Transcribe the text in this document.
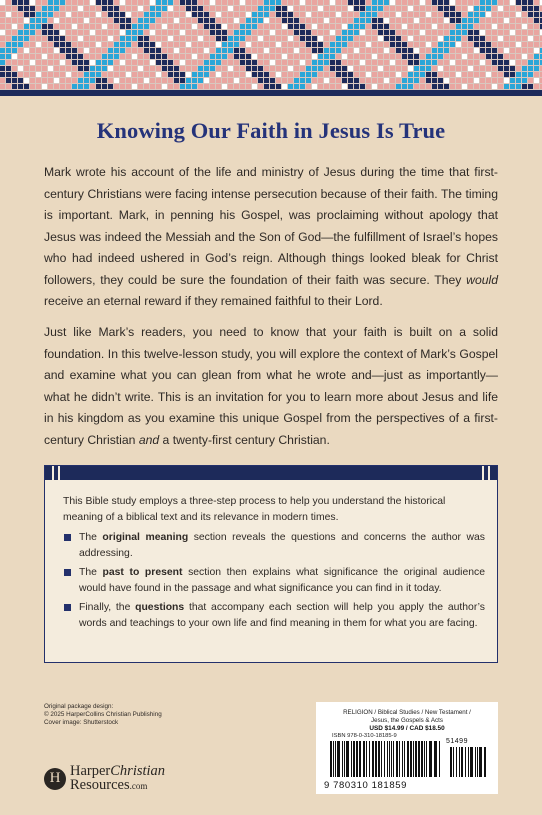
Knowing Our Faith in Jesus Is True

Mark wrote his account of the life and ministry of Jesus during the time that first-century Christians were facing intense persecution because of their faith. The timing is important. Mark, in penning his Gospel, was proclaiming without apology that Jesus was indeed the Messiah and the Son of God—the fulfillment of Israel’s hopes who had indeed ushered in God’s reign. Although things looked bleak for Christ followers, they could be sure the foundation of their faith was secure. They would receive an eternal reward if they remained faithful to their Lord.

Just like Mark’s readers, you need to know that your faith is built on a solid foundation. In this twelve-lesson study, you will explore the context of Mark’s Gospel and examine what you can glean from what he wrote and—just as importantly—what he didn’t write. This is an invitation for you to learn more about Jesus and life in his kingdom as you examine this unique Gospel from the perspectives of a first-century Christian and a twenty-first century Christian.

This Bible study employs a three-step process to help you understand the historical meaning of a biblical text and its relevance in modern times.

The original meaning section reveals the questions and concerns the author was addressing.
The past to present section then explains what significance the original audience would have found in the passage and what significance you can find in it today.
Finally, the questions that accompany each section will help you apply the author’s words and teachings to your own life and find meaning in them for what you are facing.
Original package design:
© 2025 HarperCollins Christian Publishing
Cover image: Shutterstock
H HarperChristian
Resources.com
RELIGION / Biblical Studies / New Testament /
Jesus, the Gospels & Acts
USD $14.99 / CAD $18.50
ISBN 978-0-310-18185-9
51499
9 780310 181859
